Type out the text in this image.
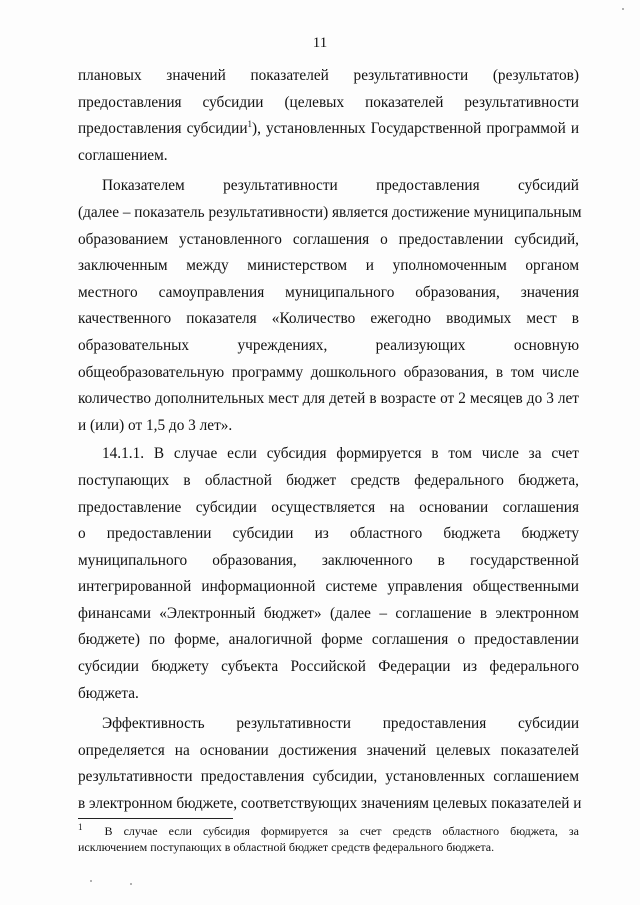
11

плановых значений показателей результативности (результатов)
предоставления субсидии (целевых показателей результативности
предоставления субсидии$^1$), установленных Государственной программой и
соглашением.

Показателем результативности предоставления субсидий
(далее – показатель результативности) является достижение муниципальным
образованием установленного соглашения о предоставлении субсидий,
заключенным между министерством и уполномоченным органом
местного самоуправления муниципального образования, значения
качественного показателя «Количество ежегодно вводимых мест в
образовательных учреждениях, реализующих основную
общеобразовательную программу дошкольного образования, в том числе
количество дополнительных мест для детей в возрасте от 2 месяцев до 3 лет
и (или) от 1,5 до 3 лет».

14.1.1. В случае если субсидия формируется в том числе за счет
поступающих в областной бюджет средств федерального бюджета,
предоставление субсидии осуществляется на основании соглашения
о предоставлении субсидии из областного бюджета бюджету
муниципального образования, заключенного в государственной
интегрированной информационной системе управления общественными
финансами «Электронный бюджет» (далее – соглашение в электронном
бюджете) по форме, аналогичной форме соглашения о предоставлении
субсидии бюджету субъекта Российской Федерации из федерального
бюджета.

Эффективность результативности предоставления субсидии
определяется на основании достижения значений целевых показателей
результативности предоставления субсидии, установленных соглашением
в электронном бюджете, соответствующих значениям целевых показателей и

$^1$ В случае если субсидия формируется за счет средств областного бюджета, за
исключением поступающих в областной бюджет средств федерального бюджета.
